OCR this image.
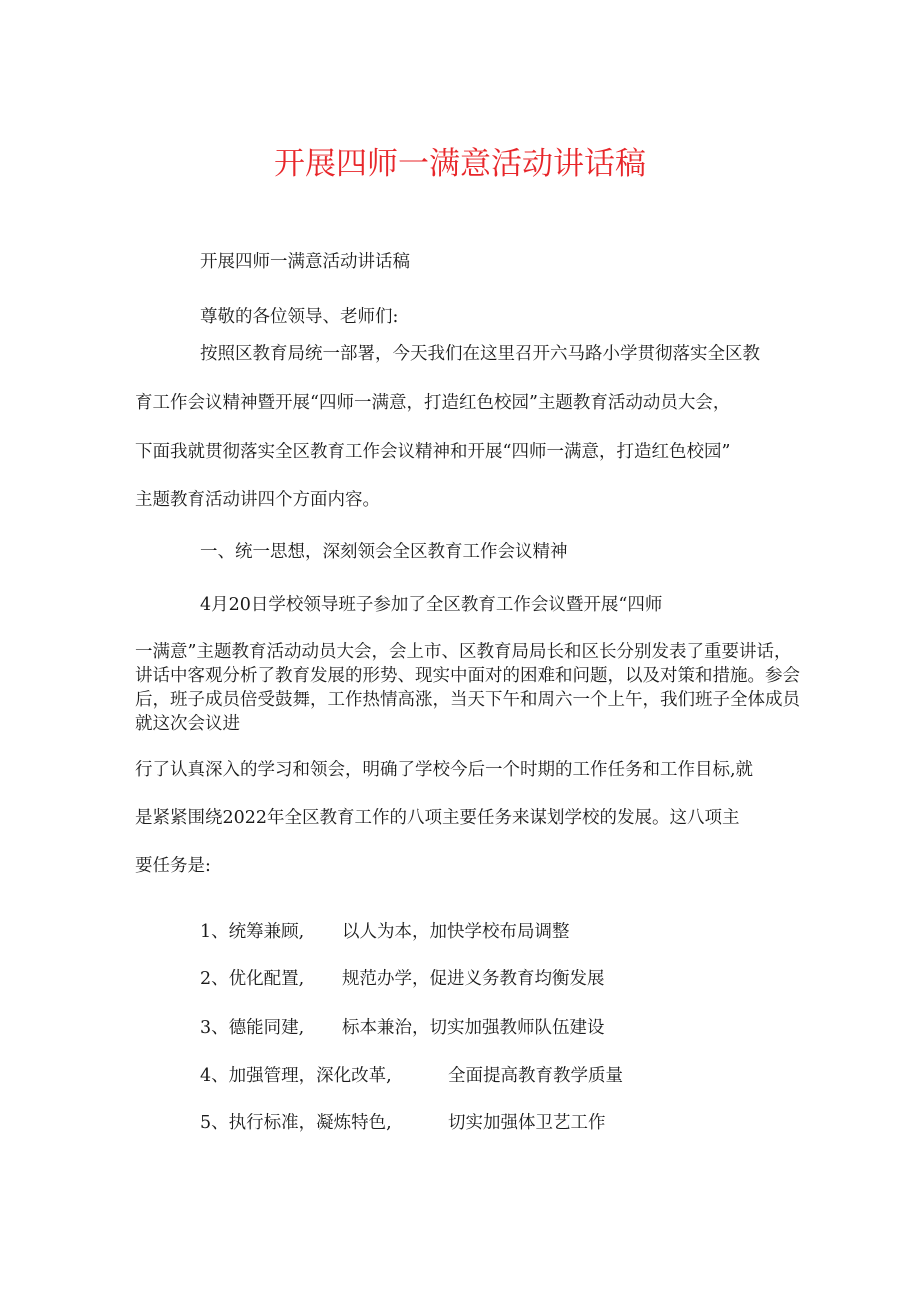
开展四师一满意活动讲话稿
开展四师一满意活动讲话稿
尊敬的各位领导、老师们:
按照区教育局统一部署，今天我们在这里召开六马路小学贯彻落实全区教
育工作会议精神暨开展“四师一满意，打造红色校园”主题教育活动动员大会，
下面我就贯彻落实全区教育工作会议精神和开展“四师一满意，打造红色校园”
主题教育活动讲四个方面内容。
一、统一思想，深刻领会全区教育工作会议精神
4月20日学校领导班子参加了全区教育工作会议暨开展“四师
一满意”主题教育活动动员大会，会上市、区教育局局长和区长分别发表了重要讲话，讲话中客观分析了教育发展的形势、现实中面对的困难和问题，以及对策和措施。参会后，班子成员倍受鼓舞，工作热情高涨，当天下午和周六一个上午，我们班子全体成员就这次会议进
行了认真深入的学习和领会，明确了学校今后一个时期的工作任务和工作目标,就
是紧紧围绕2022年全区教育工作的八项主要任务来谋划学校的发展。这八项主
要任务是:
1、统筹兼顾, 以人为本，加快学校布局调整
2、优化配置, 规范办学，促进义务教育均衡发展
3、德能同建, 标本兼治，切实加强教师队伍建设
4、加强管理，深化改革,	全面提高教育教学质量
5、执行标准，凝炼特色,	切实加强体卫艺工作
